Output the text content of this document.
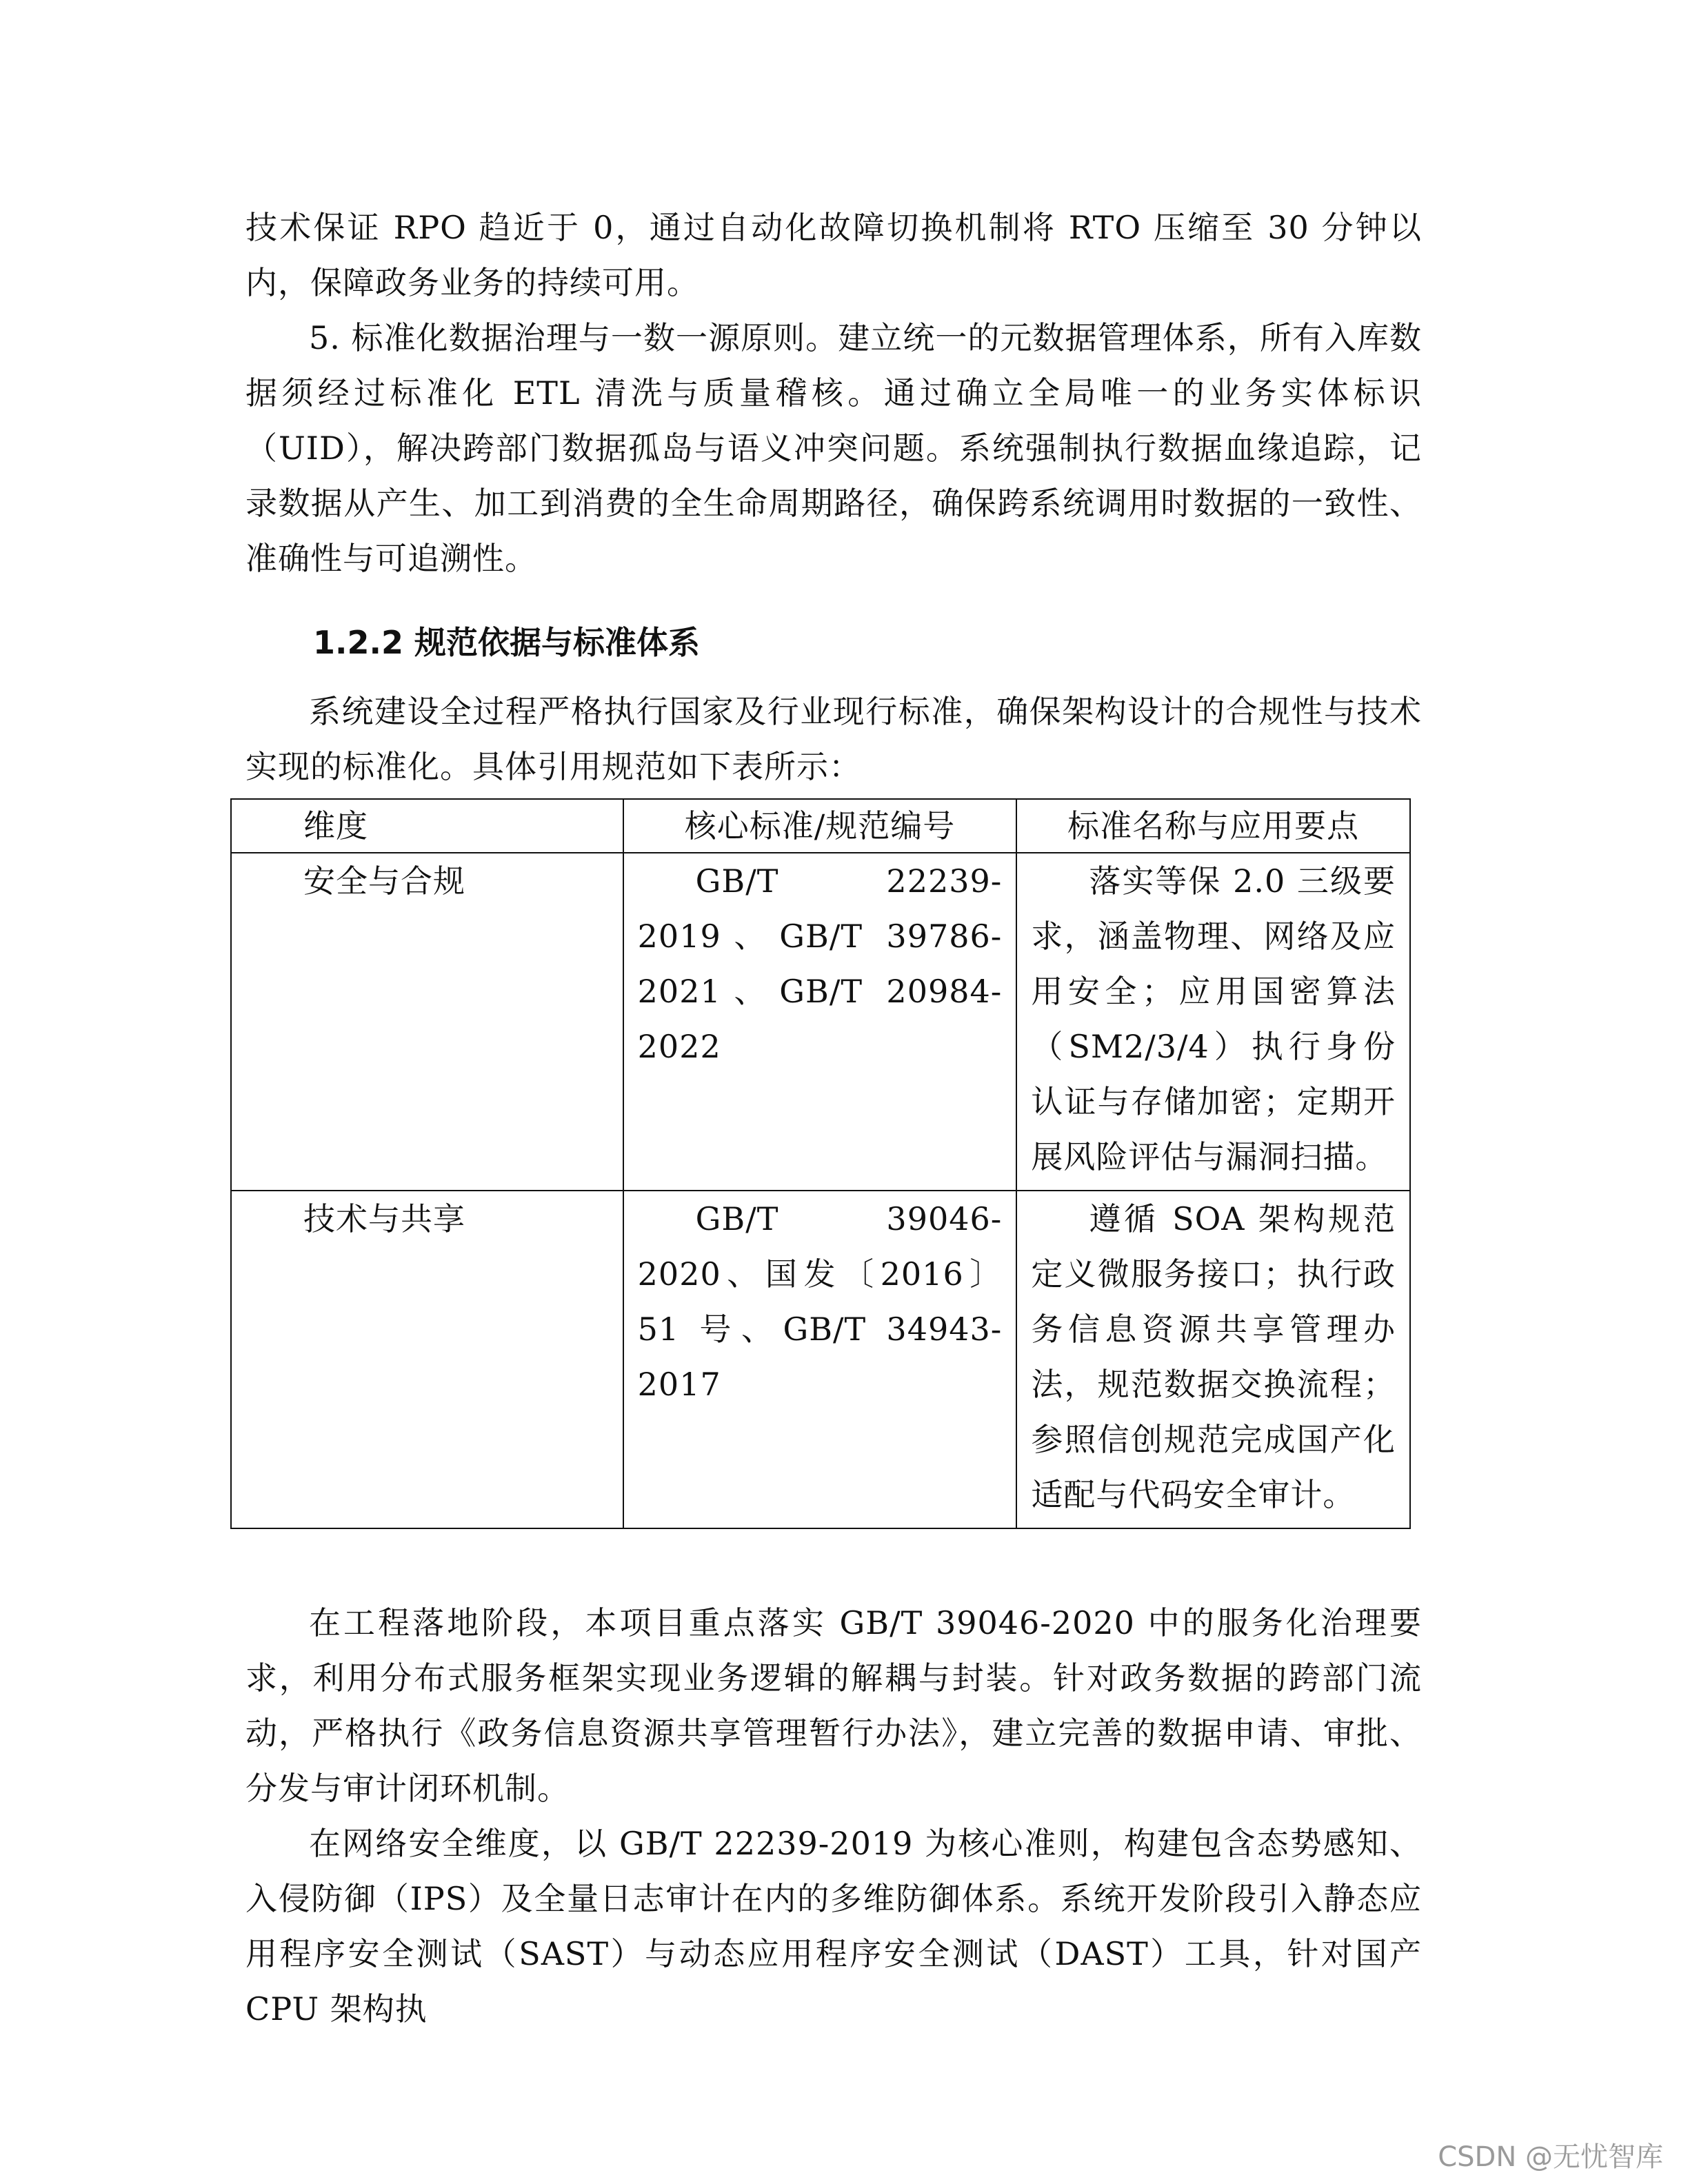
技术保证 RPO 趋近于 0，通过自动化故障切换机制将 RTO 压缩至 30 分钟以内，保障政务业务的持续可用。

5. 标准化数据治理与一数一源原则。建立统一的元数据管理体系，所有入库数据须经过标准化 ETL 清洗与质量稽核。通过确立全局唯一的业务实体标识（UID），解决跨部门数据孤岛与语义冲突问题。系统强制执行数据血缘追踪，记录数据从产生、加工到消费的全生命周期路径，确保跨系统调用时数据的一致性、准确性与可追溯性。

1.2.2 规范依据与标准体系

系统建设全过程严格执行国家及行业现行标准，确保架构设计的合规性与技术实现的标准化。具体引用规范如下表所示：

维度	核心标准/规范编号	标准名称与应用要点
安全与合规	GB/T 22239-2019、GB/T 39786-2021、GB/T 20984-2022	落实等保 2.0 三级要求，涵盖物理、网络及应用安全；应用国密算法（SM2/3/4）执行身份认证与存储加密；定期开展风险评估与漏洞扫描。
技术与共享	GB/T 39046-2020、国发〔2016〕51 号、GB/T 34943-2017	遵循 SOA 架构规范定义微服务接口；执行政务信息资源共享管理办法，规范数据交换流程；参照信创规范完成国产化适配与代码安全审计。

在工程落地阶段，本项目重点落实 GB/T 39046-2020 中的服务化治理要求，利用分布式服务框架实现业务逻辑的解耦与封装。针对政务数据的跨部门流动，严格执行《政务信息资源共享管理暂行办法》，建立完善的数据申请、审批、分发与审计闭环机制。

在网络安全维度，以 GB/T 22239-2019 为核心准则，构建包含态势感知、入侵防御（IPS）及全量日志审计在内的多维防御体系。系统开发阶段引入静态应用程序安全测试（SAST）与动态应用程序安全测试（DAST）工具，针对国产 CPU 架构执

CSDN @无忧智库
